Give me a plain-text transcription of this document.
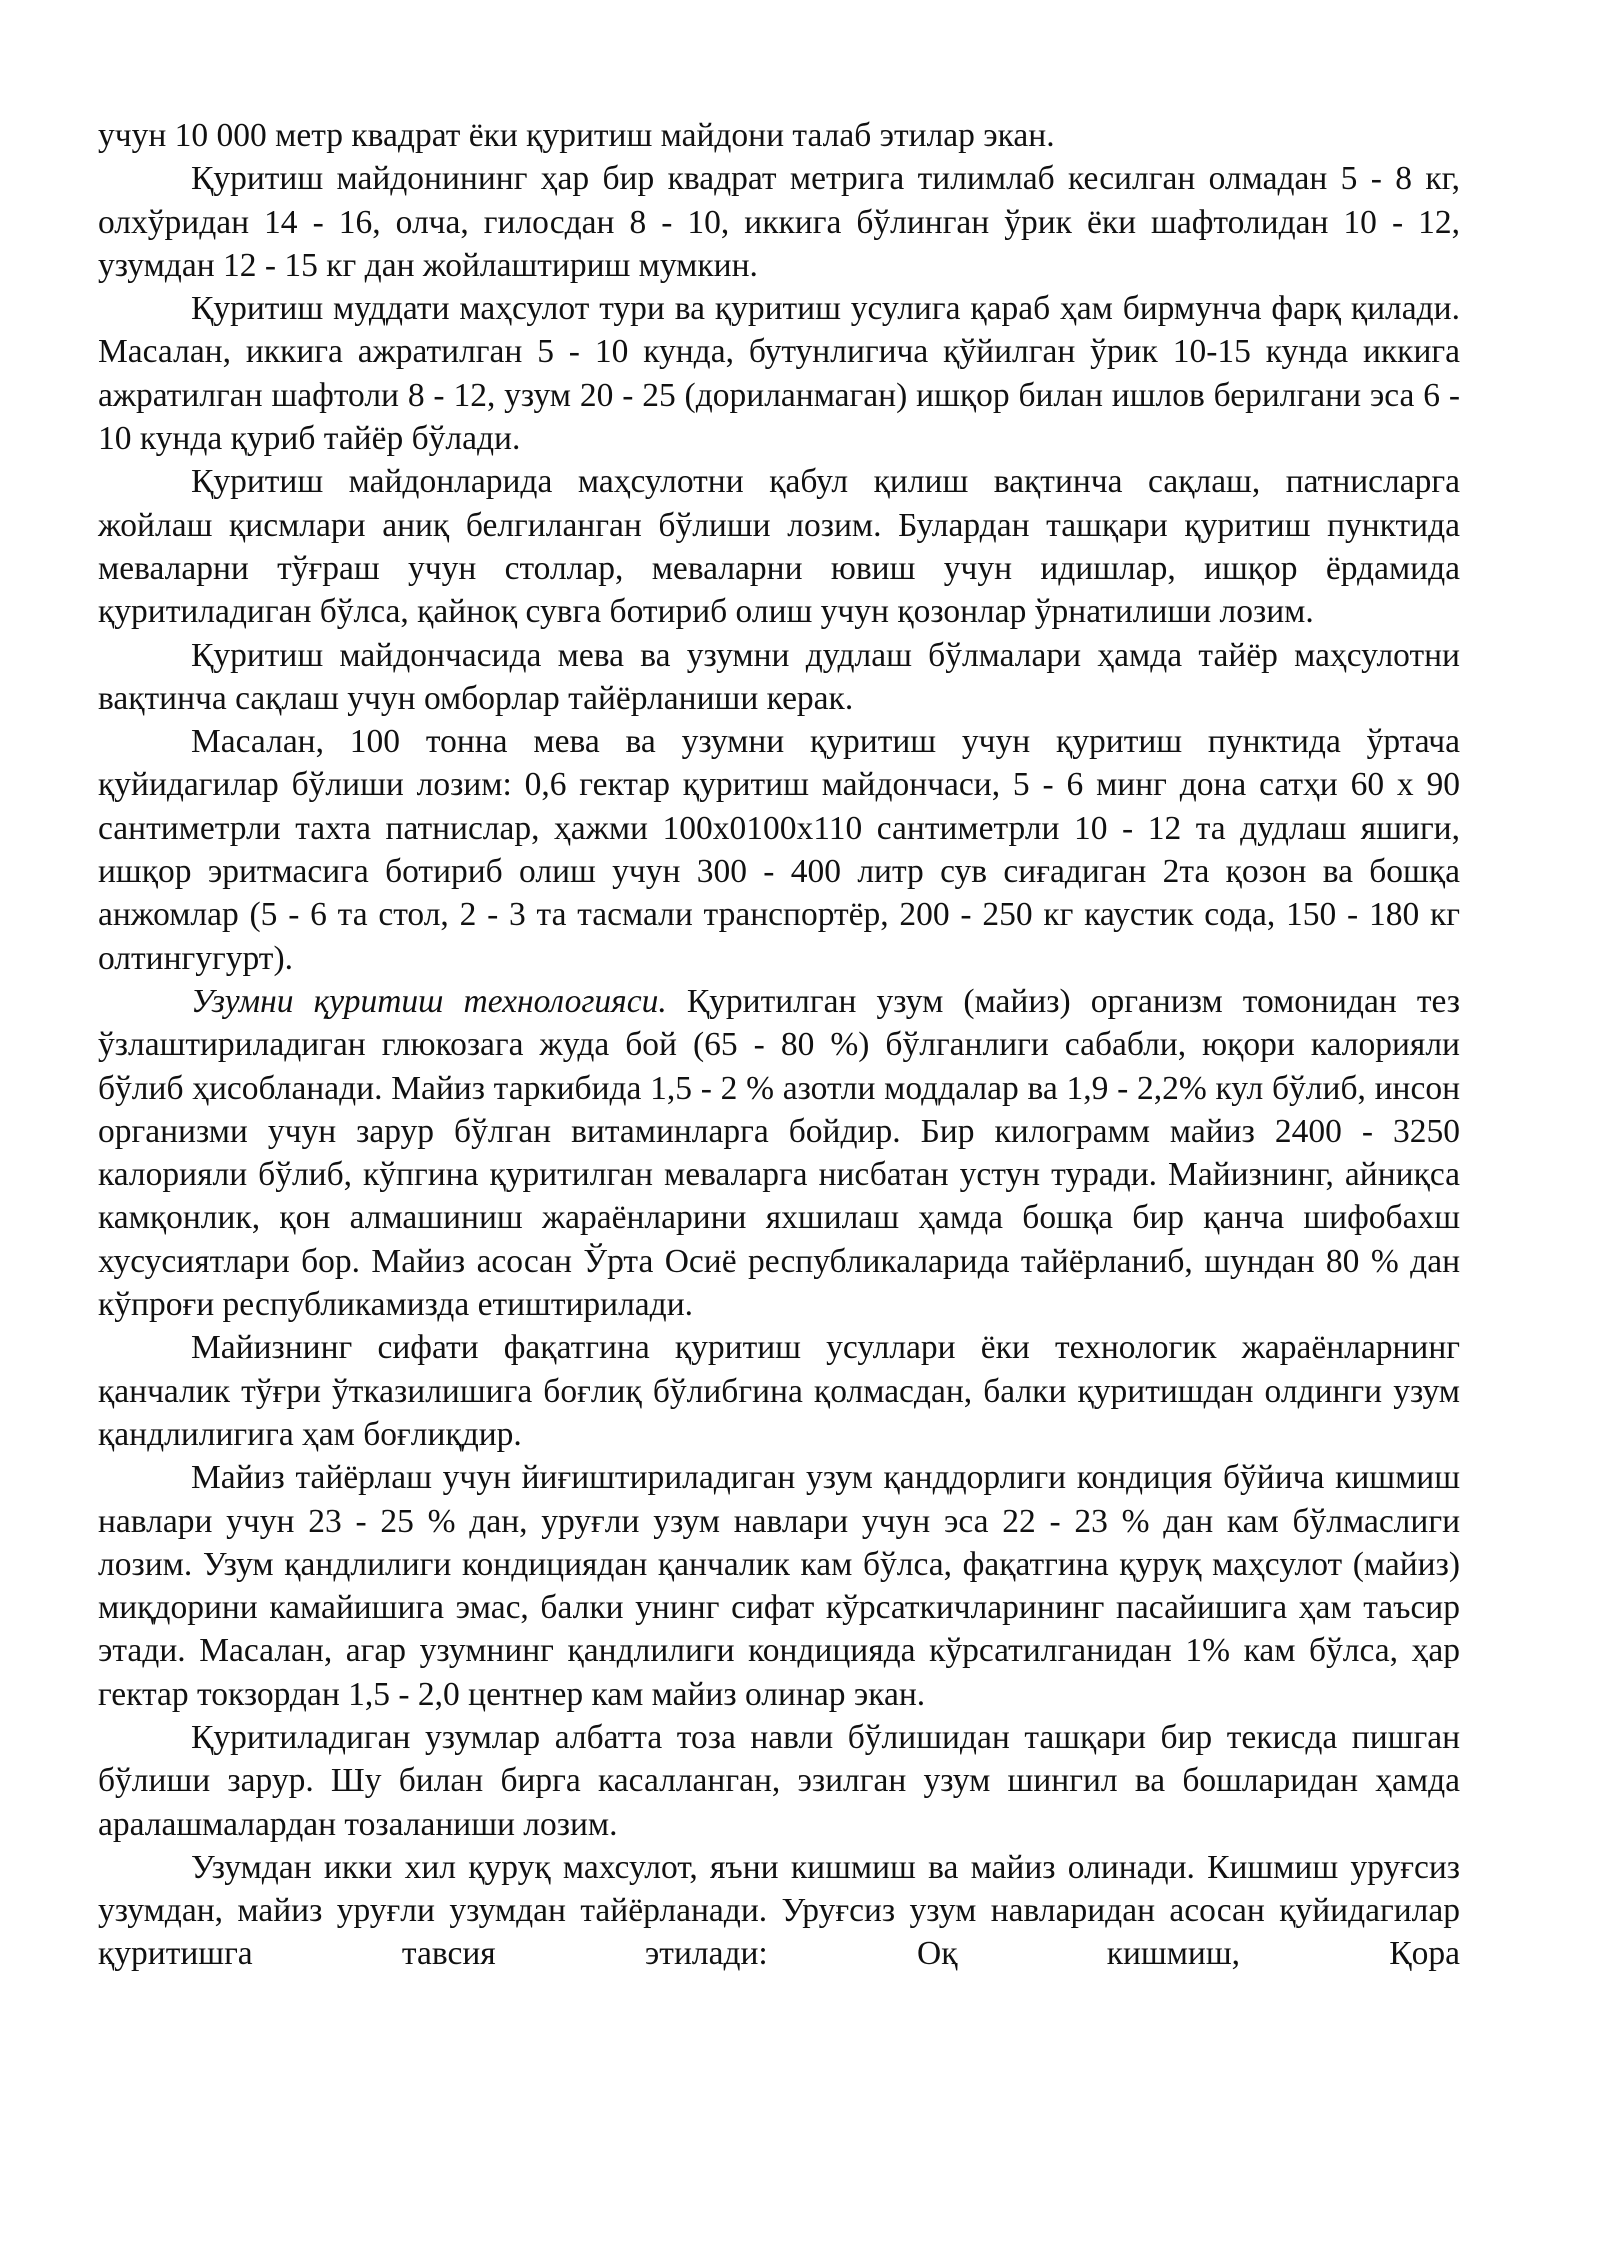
учун 10 000 метр квадрат ёки қуритиш майдони талаб этилар экан.

Қуритиш майдонининг ҳар бир квадрат метрига тилимлаб кесилган олмадан 5 - 8 кг, олхўридан 14 - 16, олча, гилосдан 8 - 10, иккига бўлинган ўрик ёки шафтолидан 10 - 12, узумдан 12 - 15 кг дан жойлаштириш мумкин.

Қуритиш муддати маҳсулот тури ва қуритиш усулига қараб ҳам бирмунча фарқ қилади. Масалан, иккига ажратилган 5 - 10 кунда, бутунлигича қўйилган ўрик 10-15 кунда иккига ажратилган шафтоли 8 - 12, узум 20 - 25 (дориланмаган) ишқор билан ишлов берилгани эса 6 - 10 кунда қуриб тайёр бўлади.

Қуритиш майдонларида маҳсулотни қабул қилиш вақтинча сақлаш, патнисларга жойлаш қисмлари аниқ белгиланган бўлиши лозим. Булардан ташқари қуритиш пунктида меваларни тўғраш учун столлар, меваларни ювиш учун идишлар, ишқор ёрдамида қуритиладиган бўлса, қайноқ сувга ботириб олиш учун қозонлар ўрнатилиши лозим.

Қуритиш майдончасида мева ва узумни дудлаш бўлмалари ҳамда тайёр маҳсулотни вақтинча сақлаш учун омборлар тайёрланиши керак.

Масалан, 100 тонна мева ва узумни қуритиш учун қуритиш пунктида ўртача қуйидагилар бўлиши лозим: 0,6 гектар қуритиш майдончаси, 5 - 6 минг дона сатҳи 60 х 90 сантиметрли тахта патнислар, ҳажми 100х0100х110 сантиметрли 10 - 12 та дудлаш яшиги, ишқор эритмасига ботириб олиш учун 300 - 400 литр сув сиғадиган 2та қозон ва бошқа анжомлар (5 - 6 та стол, 2 - 3 та тасмали транспортёр, 200 - 250 кг каустик сода, 150 - 180 кг олтингугурт).

Узумни қуритиш технологияси. Қуритилган узум (майиз) организм томонидан тез ўзлаштириладиган глюкозага жуда бой (65 - 80 %) бўлганлиги сабабли, юқори калорияли бўлиб ҳисобланади. Майиз таркибида 1,5 - 2 % азотли моддалар ва 1,9 - 2,2% кул бўлиб, инсон организми учун зарур бўлган витаминларга бойдир. Бир килограмм майиз 2400 - 3250 калорияли бўлиб, кўпгина қуритилган меваларга нисбатан устун туради. Майизнинг, айниқса камқонлик, қон алмашиниш жараёнларини яхшилаш ҳамда бошқа бир қанча шифобахш хусусиятлари бор. Майиз асосан Ўрта Осиё республикаларида тайёрланиб, шундан 80 % дан кўпроғи республикамизда етиштирилади.

Майизнинг сифати фақатгина қуритиш усуллари ёки технологик жараёнларнинг қанчалик тўғри ўтказилишига боғлиқ бўлибгина қолмасдан, балки қуритишдан олдинги узум қандлилигига ҳам боғлиқдир.

Майиз тайёрлаш учун йиғиштириладиган узум қанддорлиги кондиция бўйича кишмиш навлари учун 23 - 25 % дан, уруғли узум навлари учун эса 22 - 23 % дан кам бўлмаслиги лозим. Узум қандлилиги кондициядан қанчалик кам бўлса, фақатгина қуруқ маҳсулот (майиз) миқдорини камайишига эмас, балки унинг сифат кўрсаткичларининг пасайишига ҳам таъсир этади. Масалан, агар узумнинг қандлилиги кондицияда кўрсатилганидан 1% кам бўлса, ҳар гектар токзордан 1,5 - 2,0 центнер кам майиз олинар экан.

Қуритиладиган узумлар албатта тоза навли бўлишидан ташқари бир текисда пишган бўлиши зарур. Шу билан бирга касалланган, эзилган узум шингил ва бошларидан ҳамда аралашмалардан тозаланиши лозим.

Узумдан икки хил қуруқ махсулот, яъни кишмиш ва майиз олинади. Кишмиш уруғсиз узумдан, майиз уруғли узумдан тайёрланади. Уруғсиз узум навларидан асосан қуйидагилар қуритишга тавсия этилади: Оқ кишмиш, Қора
